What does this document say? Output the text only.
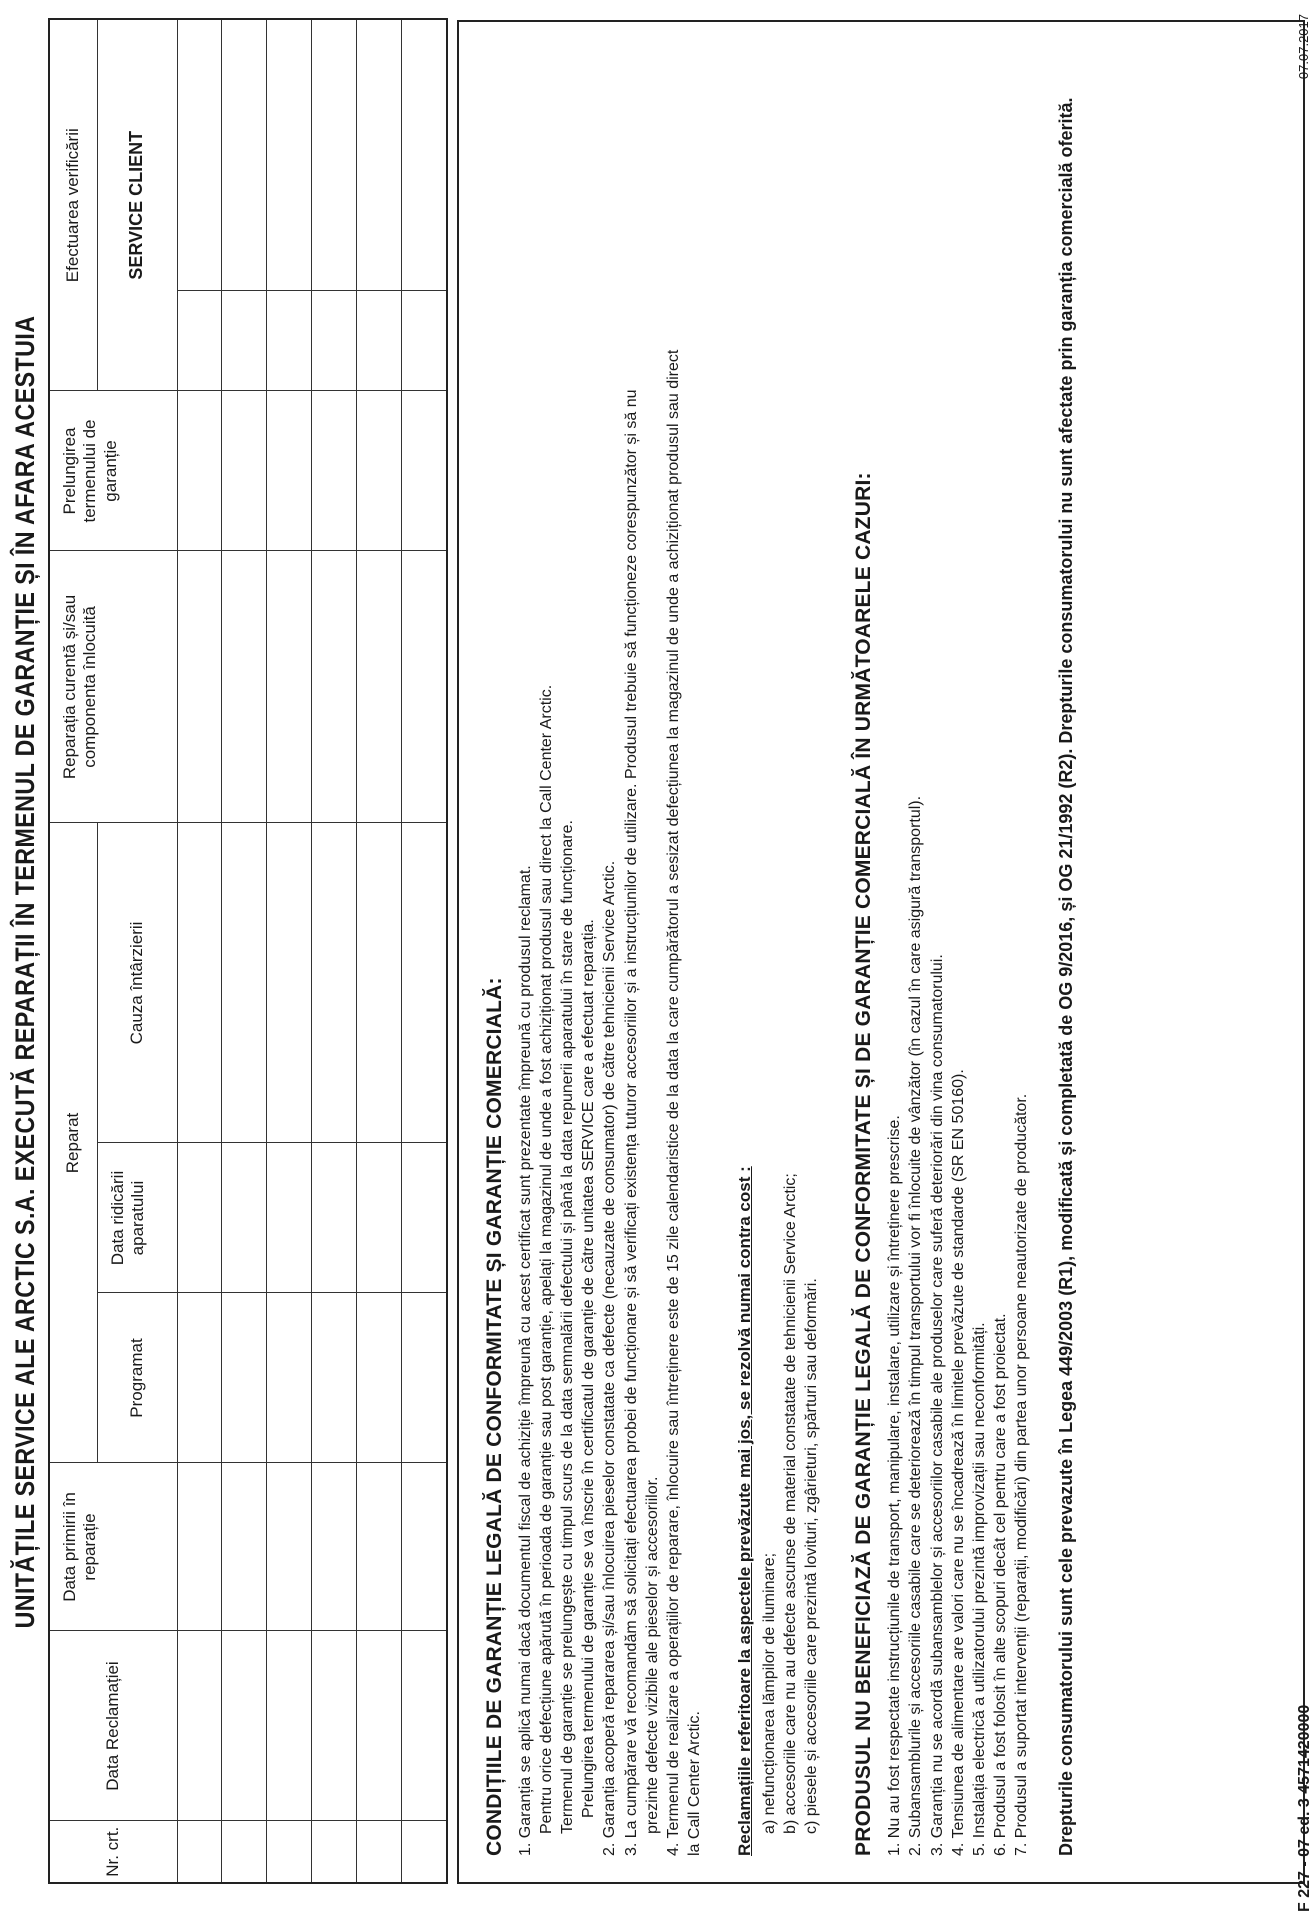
UNITĂȚILE SERVICE ALE ARCTIC S.A. EXECUTĂ REPARAȚII ÎN TERMENUL DE GARANȚIE ȘI ÎN AFARA ACESTUIA
Nr. crt.	Data Reclamației	Data primirii în reparație	Reparat			Reparația curentă și/sau componenta înlocuită	Prelungirea termenului de garanție	Efectuarea verificării	
			Programat	Data ridicării aparatului	Cauza întârzierii			SERVICE CLIENT	

CONDIȚIILE DE GARANȚIE LEGALĂ DE CONFORMITATE ȘI GARANȚIE COMERCIALĂ: 1. Garanția se aplică numai dacă documentul fiscal de achiziție împreună cu acest certificat sunt prezentate împreună cu produsul reclamat. Pentru orice defecțiune apărută în perioada de garanție sau post garanție, apelați la magazinul de unde a fost achiziționat produsul sau direct la Call Center Arctic. Termenul de garanție se prelungește cu timpul scurs de la data semnalării defectului și până la data repunerii aparatului în stare de funcționare. Prelungirea termenului de garanție se va înscrie în certificatul de garanție de către unitatea SERVICE care a efectuat reparația. 2. Garanția acoperă repararea și/sau înlocuirea pieselor constatate ca defecte (necauzate de consumator) de către tehnicienii Service Arctic. 3. La cumpărare vă recomandăm să solicitați efectuarea probei de funcționare și să verificați existența tuturor accesoriilor și a instrucțiunilor de utilizare. Produsul trebuie să funcționeze corespunzător și să nu prezinte defecte vizibile ale pieselor și accesoriilor. 4. Termenul de realizare a operațiilor de reparare, înlocuire sau întreținere este de 15 zile calendaristice de la data la care cumpărătorul a sesizat defecțiunea la magazinul de unde a achiziționat produsul sau direct la Call Center Arctic. Reclamațiile referitoare la aspectele prevăzute mai jos, se rezolvă numai contra cost : a) nefuncționarea lămpilor de iluminare; b) accesoriile care nu au defecte ascunse de material constatate de tehnicienii Service Arctic; c) piesele și accesoriile care prezintă lovituri, zgârieturi, spărturi sau deformări. PRODUSUL NU BENEFICIAZĂ DE GARANȚIE LEGALĂ DE CONFORMITATE ȘI DE GARANȚIE COMERCIALĂ ÎN URMĂTOARELE CAZURI: 1. Nu au fost respectate instrucțiunile de transport, manipulare, instalare, utilizare și întreținere prescrise. 2. Subansamblurile și accesoriile casabile care se deteriorează în timpul transportului vor fi înlocuite de vânzător (în cazul în care asigură transportul). 3. Garanția nu se acordă subansamblelor și accesoriilor casabile ale produselor care suferă deteriorări din vina consumatorului. 4. Tensiunea de alimentare are valori care nu se încadrează în limitele prevăzute de standarde (SR EN 50160). 5. Instalația electrică a utilizatorului prezintă improvizații sau neconformități. 6. Produsul a fost folosit în alte scopuri decât cel pentru care a fost proiectat. 7. Produsul a suportat intervenții (reparații, modificări) din partea unor persoane neautorizate de producător. Drepturile consumatorului sunt cele prevazute în Legea 449/2003 (R1), modificată și completată de OG 9/2016, și OG 21/1992 (R2). Drepturile consumatorului nu sunt afectate prin garanția comercială oferită.	F 227 - 07 ed. 3 4571420000
07.07.2017
